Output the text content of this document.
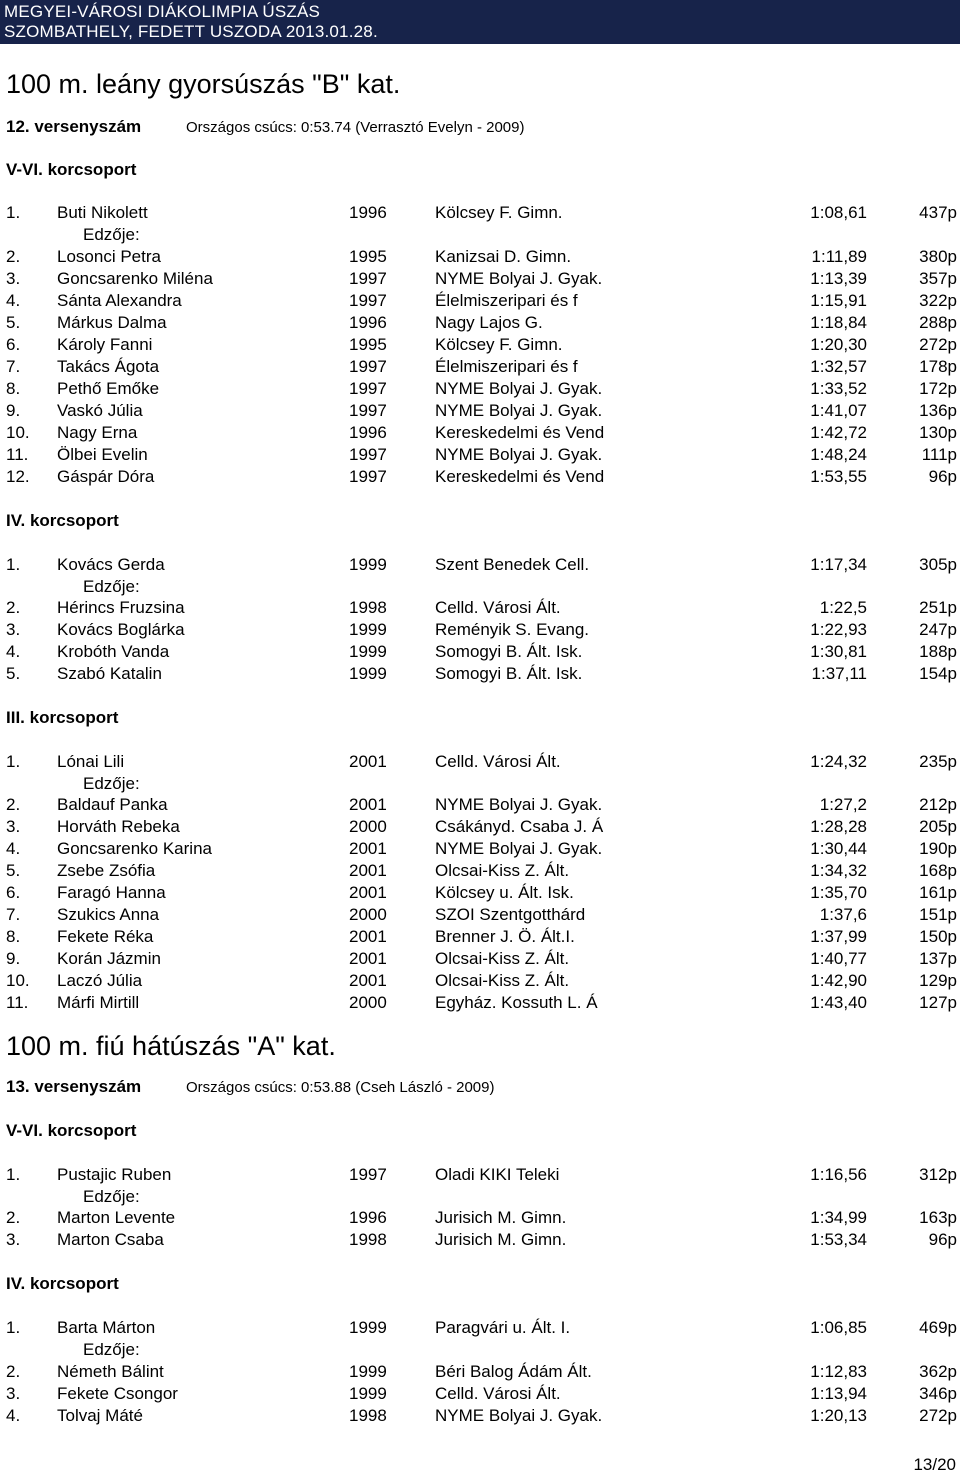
MEGYEI-VÁROSI DIÁKOLIMPIA ÚSZÁS
SZOMBATHELY, FEDETT USZODA 2013.01.28.
100 m. leány gyorsúszás "B" kat.
12. versenyszám	Országos csúcs: 0:53.74 (Verrasztó Evelyn - 2009)
V-VI. korcsoport
1. Buti Nikolett	1996	Kölcsey F. Gimn.	1:08,61	437p
Edzője:
2. Losonci Petra	1995	Kanizsai D. Gimn.	1:11,89	380p
3. Goncsarenko Miléna	1997	NYME Bolyai J. Gyak.	1:13,39	357p
4. Sánta Alexandra	1997	Élelmiszeripari és f	1:15,91	322p
5. Márkus Dalma	1996	Nagy Lajos G.	1:18,84	288p
6. Károly Fanni	1995	Kölcsey F. Gimn.	1:20,30	272p
7. Takács Ágota	1997	Élelmiszeripari és f	1:32,57	178p
8. Pethő Emőke	1997	NYME Bolyai J. Gyak.	1:33,52	172p
9. Vaskó Júlia	1997	NYME Bolyai J. Gyak.	1:41,07	136p
10. Nagy Erna	1996	Kereskedelmi és Vend	1:42,72	130p
11. Ölbei Evelin	1997	NYME Bolyai J. Gyak.	1:48,24	111p
12. Gáspár Dóra	1997	Kereskedelmi és Vend	1:53,55	96p
IV. korcsoport
1. Kovács Gerda	1999	Szent Benedek Cell.	1:17,34	305p
Edzője:
2. Hérincs Fruzsina	1998	Celld. Városi Ált.	1:22,5	251p
3. Kovács Boglárka	1999	Reményik S. Evang.	1:22,93	247p
4. Krobóth Vanda	1999	Somogyi B. Ált. Isk.	1:30,81	188p
5. Szabó Katalin	1999	Somogyi B. Ált. Isk.	1:37,11	154p
III. korcsoport
1. Lónai Lili	2001	Celld. Városi Ált.	1:24,32	235p
Edzője:
2. Baldauf Panka	2001	NYME Bolyai J. Gyak.	1:27,2	212p
3. Horváth Rebeka	2000	Csákányd. Csaba J. Á	1:28,28	205p
4. Goncsarenko Karina	2001	NYME Bolyai J. Gyak.	1:30,44	190p
5. Zsebe Zsófia	2001	Olcsai-Kiss Z. Ált.	1:34,32	168p
6. Faragó Hanna	2001	Kölcsey u. Ált. Isk.	1:35,70	161p
7. Szukics Anna	2000	SZOI Szentgotthárd	1:37,6	151p
8. Fekete Réka	2001	Brenner J. Ö. Ált.I.	1:37,99	150p
9. Korán Jázmin	2001	Olcsai-Kiss Z. Ált.	1:40,77	137p
10. Laczó Júlia	2001	Olcsai-Kiss Z. Ált.	1:42,90	129p
11. Márfi Mirtill	2000	Egyház. Kossuth L. Á	1:43,40	127p
100 m. fiú hátúszás "A" kat.
13. versenyszám	Országos csúcs: 0:53.88 (Cseh László - 2009)
V-VI. korcsoport
1. Pustajic Ruben	1997	Oladi KIKI Teleki	1:16,56	312p
Edzője:
2. Marton Levente	1996	Jurisich M. Gimn.	1:34,99	163p
3. Marton Csaba	1998	Jurisich M. Gimn.	1:53,34	96p
IV. korcsoport
1. Barta Márton	1999	Paragvári u. Ált. I.	1:06,85	469p
Edzője:
2. Németh Bálint	1999	Béri Balog Ádám Ált.	1:12,83	362p
3. Fekete Csongor	1999	Celld. Városi Ált.	1:13,94	346p
4. Tolvaj Máté	1998	NYME Bolyai J. Gyak.	1:20,13	272p
13/20
